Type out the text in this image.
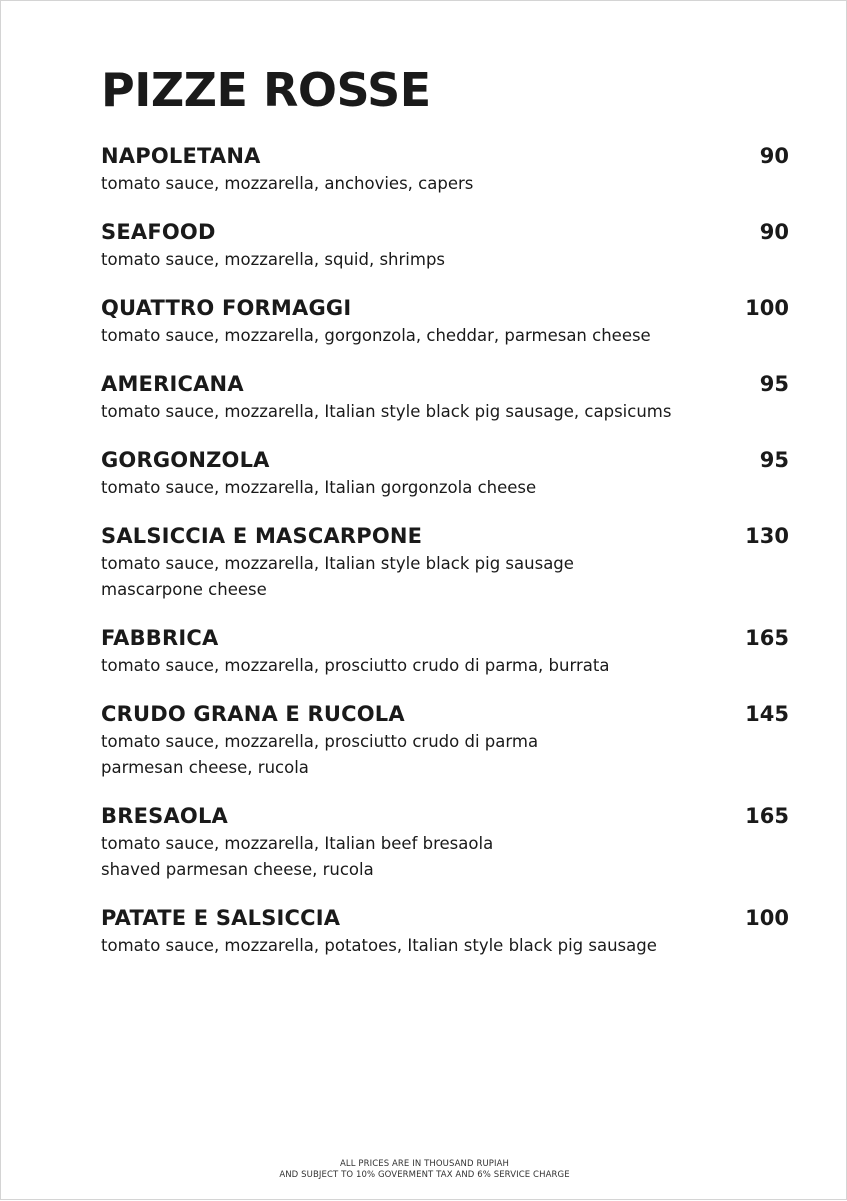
PIZZE ROSSE
NAPOLETANA	90
tomato sauce, mozzarella, anchovies, capers
SEAFOOD	90
tomato sauce, mozzarella, squid, shrimps
QUATTRO FORMAGGI	100
tomato sauce, mozzarella, gorgonzola, cheddar, parmesan cheese
AMERICANA	95
tomato sauce, mozzarella, Italian style black pig sausage, capsicums
GORGONZOLA	95
tomato sauce, mozzarella, Italian gorgonzola cheese
SALSICCIA E MASCARPONE	130
tomato sauce, mozzarella, Italian style black pig sausage
mascarpone cheese
FABBRICA	165
tomato sauce, mozzarella, prosciutto crudo di parma, burrata
CRUDO GRANA E RUCOLA	145
tomato sauce, mozzarella, prosciutto crudo di parma
parmesan cheese, rucola
BRESAOLA	165
tomato sauce, mozzarella, Italian beef bresaola
shaved parmesan cheese, rucola
PATATE E SALSICCIA	100
tomato sauce, mozzarella, potatoes, Italian style black pig sausage
ALL PRICES ARE IN THOUSAND RUPIAH
AND SUBJECT TO 10% GOVERMENT TAX AND 6% SERVICE CHARGE
